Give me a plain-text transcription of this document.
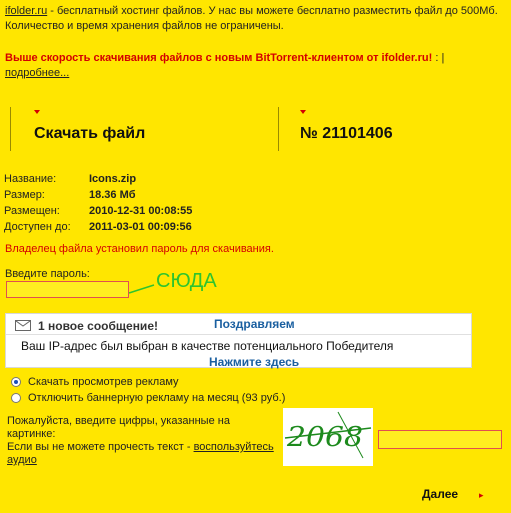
ifolder.ru - бесплатный хостинг файлов. У нас вы можете бесплатно разместить файл до 500Мб. Количество и время хранения файлов не ограничены.
Выше скорость скачивания файлов с новым BitTorrent-клиентом от ifolder.ru! : |
подробнее...
Скачать файл	№ 21101406
Название:	Icons.zip
Размер:	18.36 Мб
Размещен:	2010-12-31 00:08:55
Доступен до:	2011-03-01 00:09:56
Владелец файла установил пароль для скачивания.
Введите пароль:	СЮДА
1 новое сообщение!	Поздравляем
Ваш IP-адрес был выбран в качестве потенциального Победителя
Нажмите здесь
Скачать просмотрев рекламу
Отключить баннерную рекламу на месяц (93 руб.)
Пожалуйста, введите цифры, указанные на картинке:
Если вы не можете прочесть текст - воспользуйтесь аудио
2068
Далее ▸
